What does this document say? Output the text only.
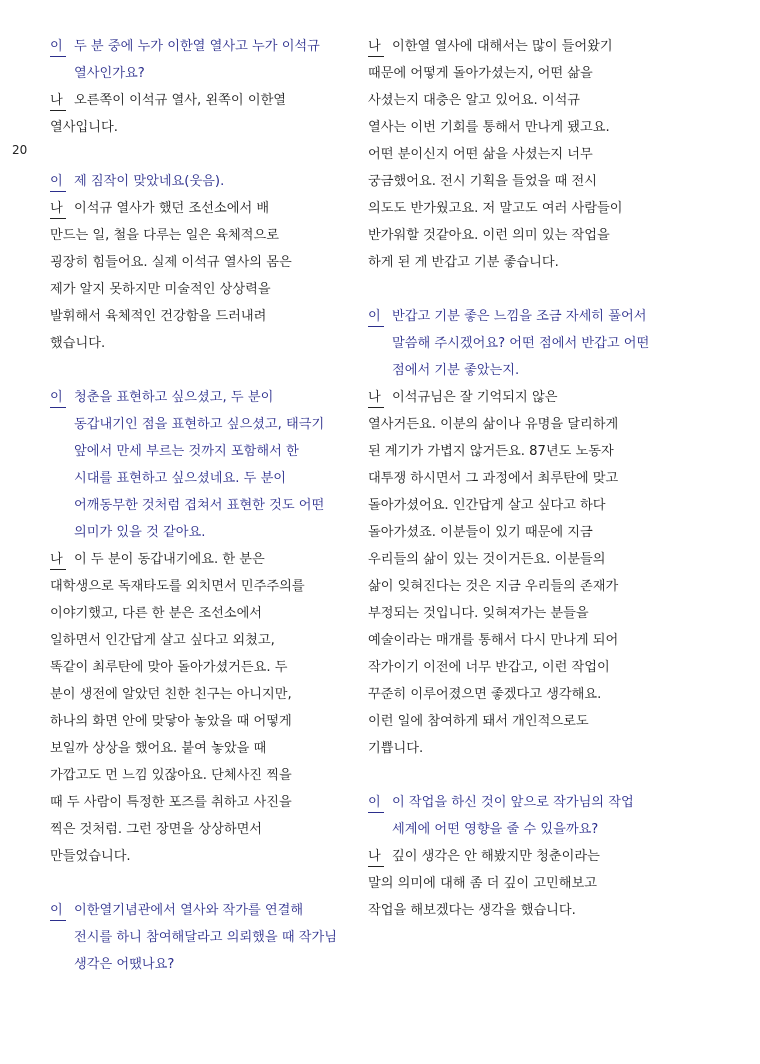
20
이 두 분 중에 누가 이한열 열사고 누가 이석규
열사인가요?
나 오른쪽이 이석규 열사, 왼쪽이 이한열
열사입니다.
이 제 짐작이 맞았네요(웃음).
나 이석규 열사가 했던 조선소에서 배
만드는 일, 철을 다루는 일은 육체적으로
굉장히 힘들어요. 실제 이석규 열사의 몸은
제가 알지 못하지만 미술적인 상상력을
발휘해서 육체적인 건강함을 드러내려
했습니다.
이 청춘을 표현하고 싶으셨고, 두 분이
동갑내기인 점을 표현하고 싶으셨고, 태극기
앞에서 만세 부르는 것까지 포함해서 한
시대를 표현하고 싶으셨네요. 두 분이
어깨동무한 것처럼 겹쳐서 표현한 것도 어떤
의미가 있을 것 같아요.
나 이 두 분이 동갑내기에요. 한 분은
대학생으로 독재타도를 외치면서 민주주의를
이야기했고, 다른 한 분은 조선소에서
일하면서 인간답게 살고 싶다고 외쳤고,
똑같이 최루탄에 맞아 돌아가셨거든요. 두
분이 생전에 알았던 친한 친구는 아니지만,
하나의 화면 안에 맞닿아 놓았을 때 어떻게
보일까 상상을 했어요. 붙여 놓았을 때
가깝고도 먼 느낌 있잖아요. 단체사진 찍을
때 두 사람이 특정한 포즈를 취하고 사진을
찍은 것처럼. 그런 장면을 상상하면서
만들었습니다.
이 이한열기념관에서 열사와 작가를 연결해
전시를 하니 참여해달라고 의뢰했을 때 작가님
생각은 어땠나요?
나 이한열 열사에 대해서는 많이 들어왔기
때문에 어떻게 돌아가셨는지, 어떤 삶을
사셨는지 대충은 알고 있어요. 이석규
열사는 이번 기회를 통해서 만나게 됐고요.
어떤 분이신지 어떤 삶을 사셨는지 너무
궁금했어요. 전시 기획을 들었을 때 전시
의도도 반가웠고요. 저 말고도 여러 사람들이
반가워할 것같아요. 이런 의미 있는 작업을
하게 된 게 반갑고 기분 좋습니다.
이 반갑고 기분 좋은 느낌을 조금 자세히 풀어서
말씀해 주시겠어요? 어떤 점에서 반갑고 어떤
점에서 기분 좋았는지.
나 이석규님은 잘 기억되지 않은
열사거든요. 이분의 삶이나 유명을 달리하게
된 계기가 가볍지 않거든요. 87년도 노동자
대투쟁 하시면서 그 과정에서 최루탄에 맞고
돌아가셨어요. 인간답게 살고 싶다고 하다
돌아가셨죠. 이분들이 있기 때문에 지금
우리들의 삶이 있는 것이거든요. 이분들의
삶이 잊혀진다는 것은 지금 우리들의 존재가
부정되는 것입니다. 잊혀져가는 분들을
예술이라는 매개를 통해서 다시 만나게 되어
작가이기 이전에 너무 반갑고, 이런 작업이
꾸준히 이루어졌으면 좋겠다고 생각해요.
이런 일에 참여하게 돼서 개인적으로도
기쁩니다.
이 이 작업을 하신 것이 앞으로 작가님의 작업
세계에 어떤 영향을 줄 수 있을까요?
나 깊이 생각은 안 해봤지만 청춘이라는
말의 의미에 대해 좀 더 깊이 고민해보고
작업을 해보겠다는 생각을 했습니다.
